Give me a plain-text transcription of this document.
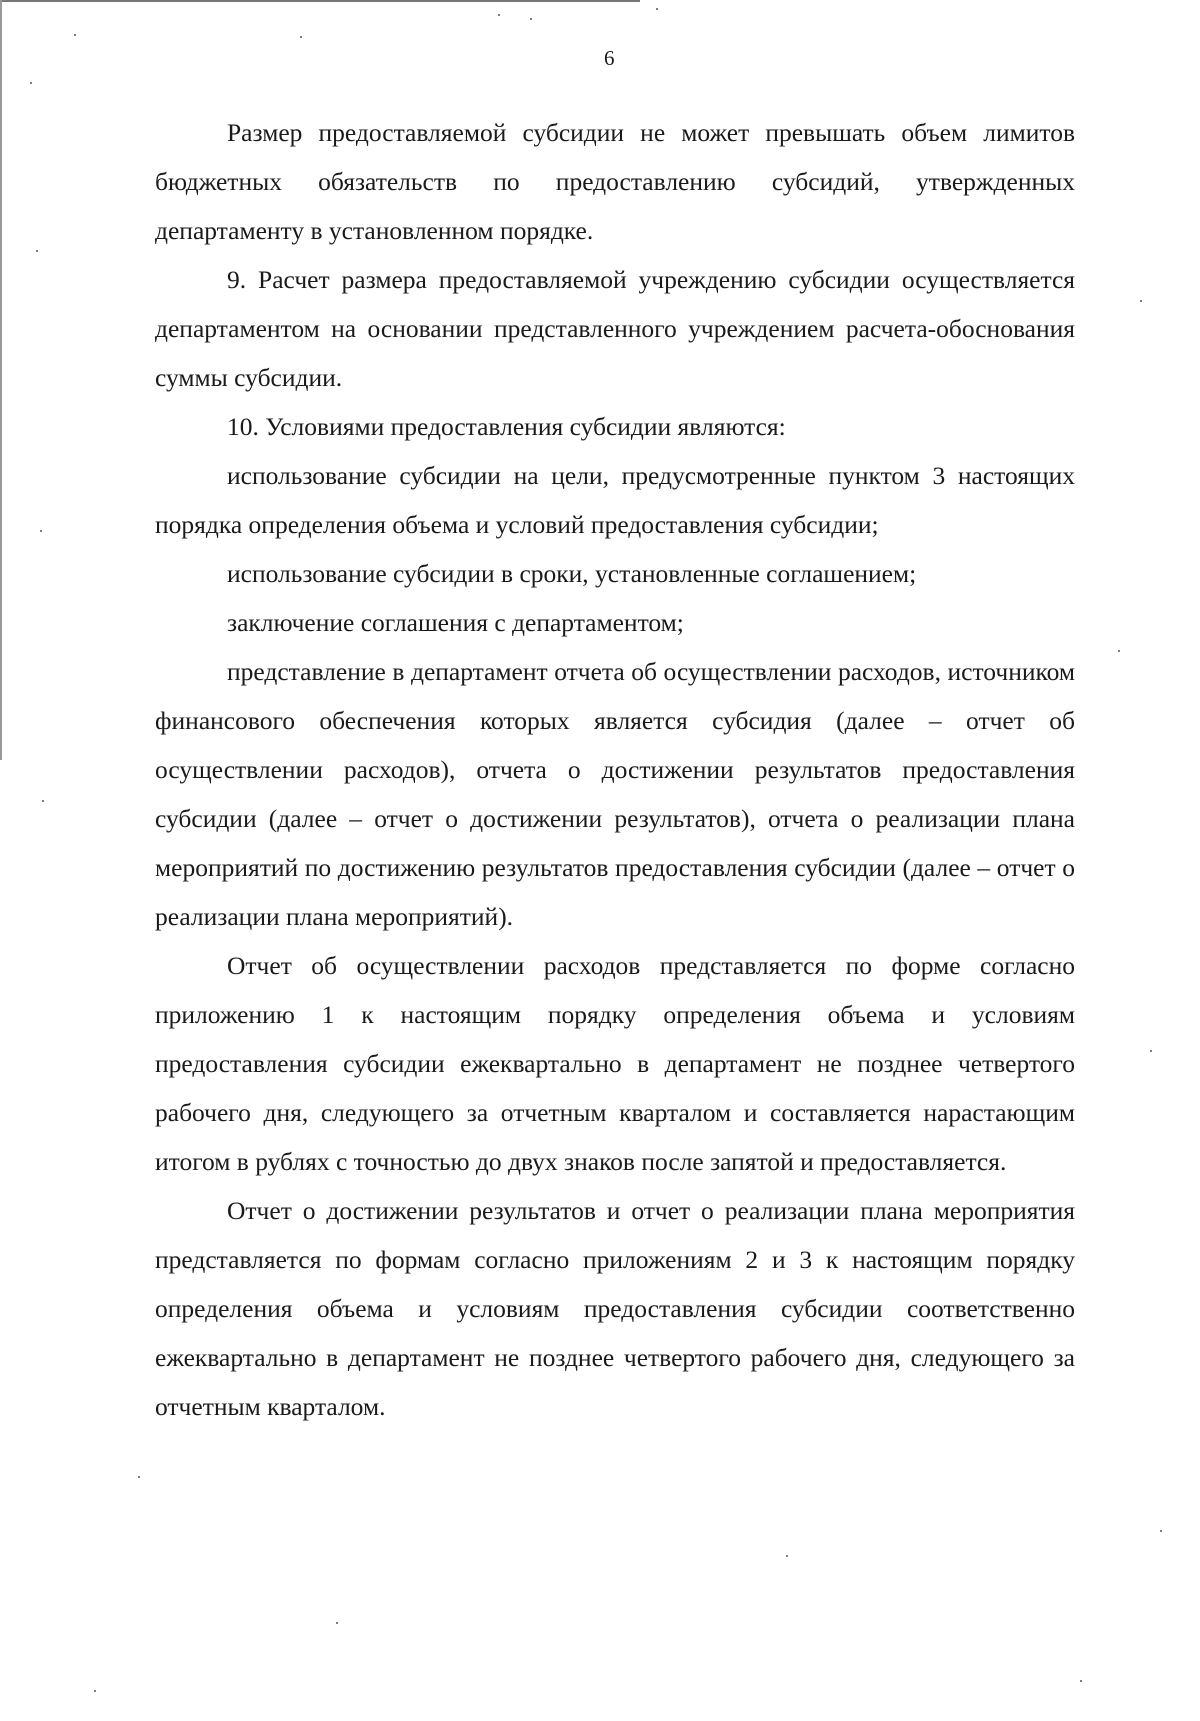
6

Размер предоставляемой субсидии не может превышать объем лимитов бюджетных обязательств по предоставлению субсидий, утвержденных департаменту в установленном порядке.

9. Расчет размера предоставляемой учреждению субсидии осуществляется департаментом на основании представленного учреждением расчета-обоснования суммы субсидии.

10. Условиями предоставления субсидии являются:

использование субсидии на цели, предусмотренные пунктом 3 настоящих порядка определения объема и условий предоставления субсидии;

использование субсидии в сроки, установленные соглашением;

заключение соглашения с департаментом;

представление в департамент отчета об осуществлении расходов, источником финансового обеспечения которых является субсидия (далее – отчет об осуществлении расходов), отчета о достижении результатов предоставления субсидии (далее – отчет о достижении результатов), отчета о реализации плана мероприятий по достижению результатов предоставления субсидии (далее – отчет о реализации плана мероприятий).

Отчет об осуществлении расходов представляется по форме согласно приложению 1 к настоящим порядку определения объема и условиям предоставления субсидии ежеквартально в департамент не позднее четвертого рабочего дня, следующего за отчетным кварталом и составляется нарастающим итогом в рублях с точностью до двух знаков после запятой и предоставляется.

Отчет о достижении результатов и отчет о реализации плана мероприятия представляется по формам согласно приложениям 2 и 3 к настоящим порядку определения объема и условиям предоставления субсидии соответственно ежеквартально в департамент не позднее четвертого рабочего дня, следующего за отчетным кварталом.
